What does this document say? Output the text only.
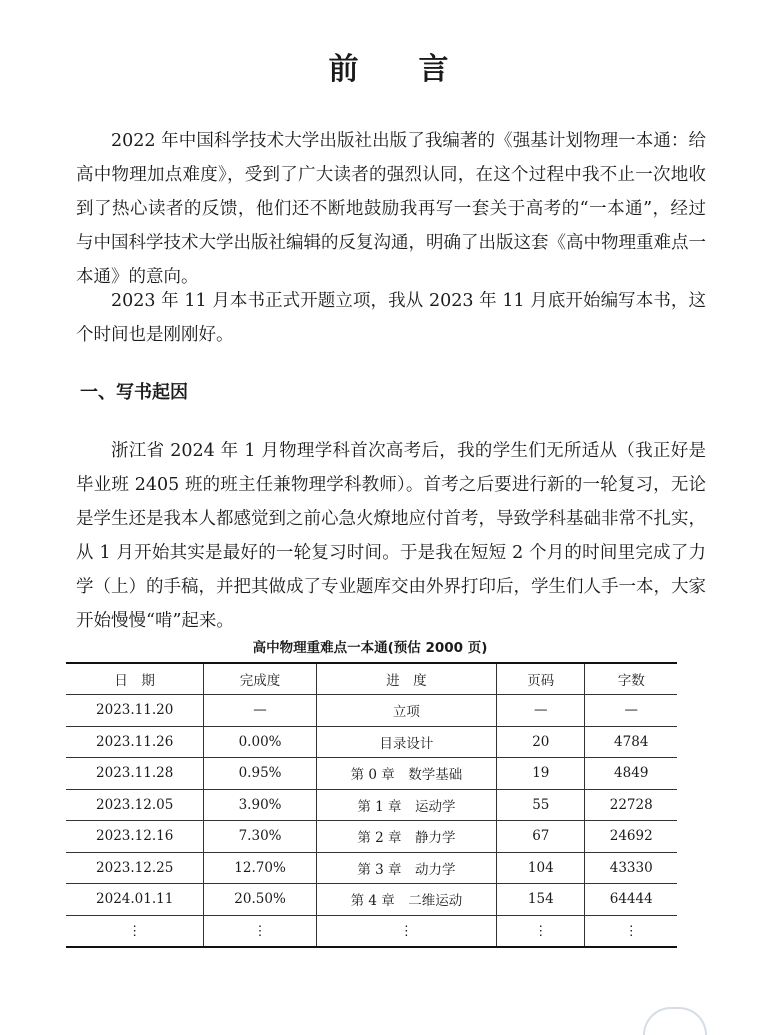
前言

2022 年中国科学技术大学出版社出版了我编著的《强基计划物理一本通：给高中物理加点难度》，受到了广大读者的强烈认同，在这个过程中我不止一次地收到了热心读者的反馈，他们还不断地鼓励我再写一套关于高考的“一本通”，经过与中国科学技术大学出版社编辑的反复沟通，明确了出版这套《高中物理重难点一本通》的意向。

2023 年 11 月本书正式开题立项，我从 2023 年 11 月底开始编写本书，这个时间也是刚刚好。

一、写书起因

浙江省 2024 年 1 月物理学科首次高考后，我的学生们无所适从（我正好是毕业班 2405 班的班主任兼物理学科教师）。首考之后要进行新的一轮复习，无论是学生还是我本人都感觉到之前心急火燎地应付首考，导致学科基础非常不扎实，从 1 月开始其实是最好的一轮复习时间。于是我在短短 2 个月的时间里完成了力学（上）的手稿，并把其做成了专业题库交由外界打印后，学生们人手一本，大家开始慢慢“啃”起来。

高中物理重难点一本通(预估 2000 页)
日　期	完成度	进　度	页码	字数
2023.11.20	—	立项	—	—
2023.11.26	0.00%	目录设计	20	4784
2023.11.28	0.95%	第 0 章　数学基础	19	4849
2023.12.05	3.90%	第 1 章　运动学	55	22728
2023.12.16	7.30%	第 2 章　静力学	67	24692
2023.12.25	12.70%	第 3 章　动力学	104	43330
2024.01.11	20.50%	第 4 章　二维运动	154	64444
⋮	⋮	⋮	⋮	⋮
